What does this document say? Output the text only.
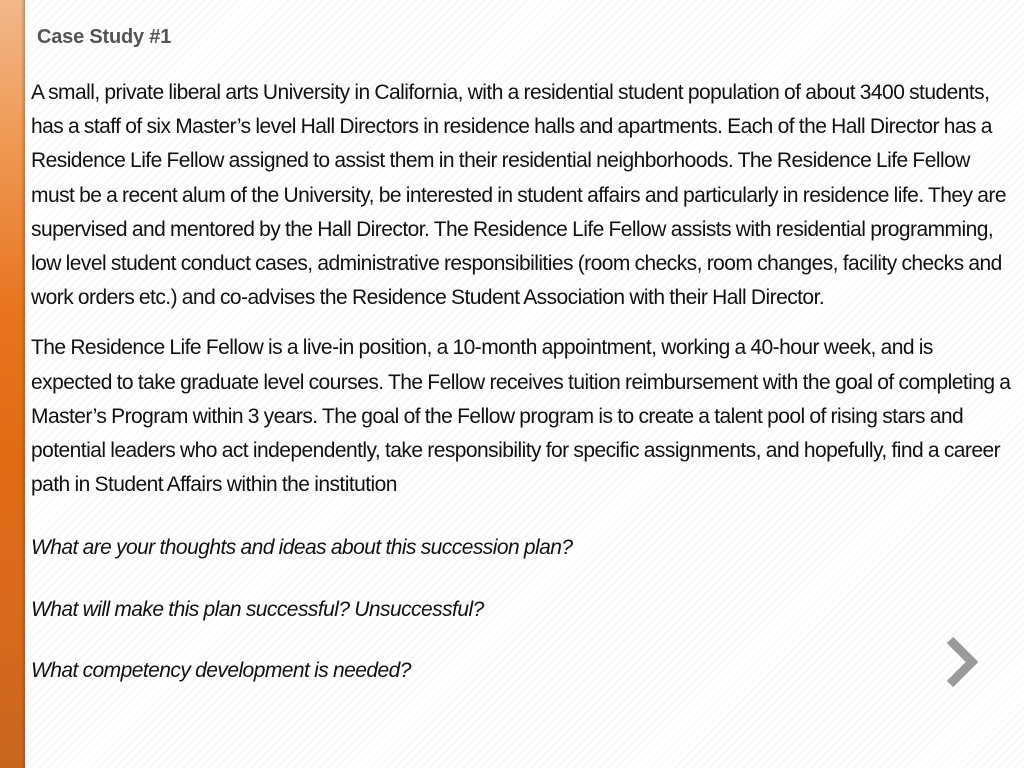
Case Study #1

A small, private liberal arts University in California, with a residential student population of about 3400 students, has a staff of six Master’s level Hall Directors in residence halls and apartments. Each of the Hall Director has a Residence Life Fellow assigned to assist them in their residential neighborhoods. The Residence Life Fellow must be a recent alum of the University, be interested in student affairs and particularly in residence life. They are supervised and mentored by the Hall Director. The Residence Life Fellow assists with residential programming, low level student conduct cases, administrative responsibilities (room checks, room changes, facility checks and work orders etc.) and co-advises the Residence Student Association with their Hall Director.

The Residence Life Fellow is a live-in position, a 10-month appointment, working a 40-hour week, and is expected to take graduate level courses. The Fellow receives tuition reimbursement with the goal of completing a Master’s Program within 3 years. The goal of the Fellow program is to create a talent pool of rising stars and potential leaders who act independently, take responsibility for specific assignments, and hopefully, find a career path in Student Affairs within the institution

What are your thoughts and ideas about this succession plan?

What will make this plan successful? Unsuccessful?

What competency development is needed?
